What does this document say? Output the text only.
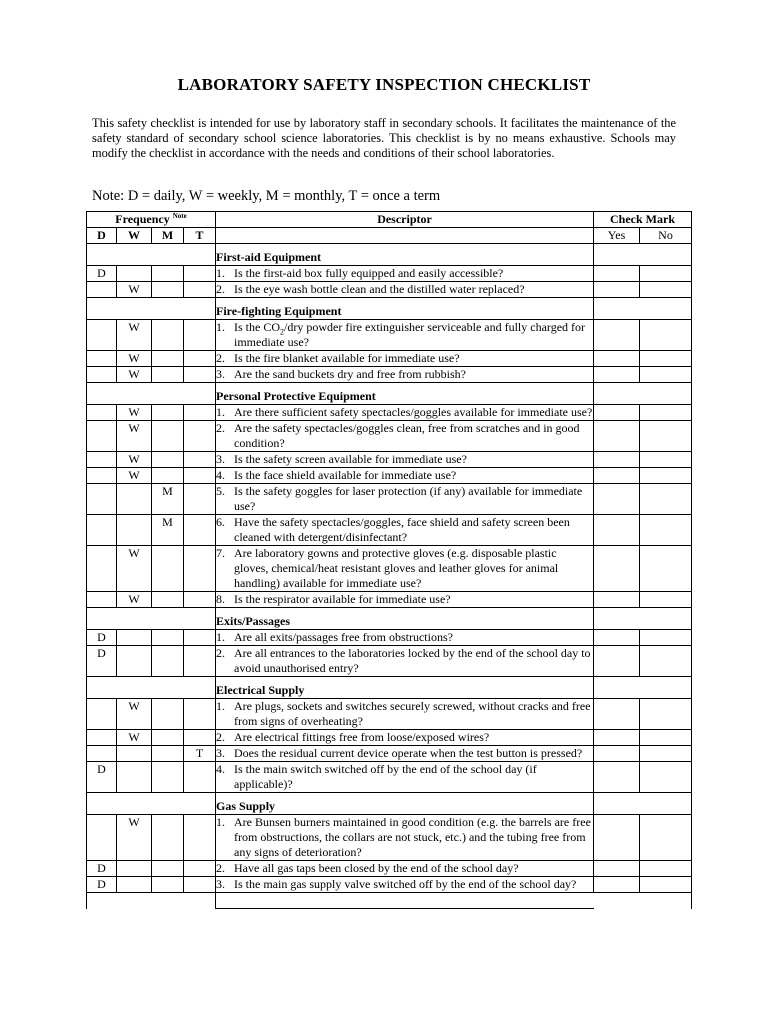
LABORATORY SAFETY INSPECTION CHECKLIST
This safety checklist is intended for use by laboratory staff in secondary schools. It facilitates the maintenance of the safety standard of secondary school science laboratories. This checklist is by no means exhaustive. Schools may modify the checklist in accordance with the needs and conditions of their school laboratories.
Note: D = daily, W = weekly, M = monthly, T = once a term
Frequency $^{Note}$				Descriptor	Check Mark	
D	W	M	T		Yes	No
				First-aid Equipment		
D				1. Is the first-aid box fully equipped and easily accessible?		

	W			2. Is the eye wash bottle clean and the distilled water replaced?		

				Fire-fighting Equipment		
	W			1. Is the $CO_2$/dry powder fire extinguisher serviceable and fully charged for immediate use?		

	W			2. Is the fire blanket available for immediate use?		

	W			3. Are the sand buckets dry and free from rubbish?		

				Personal Protective Equipment		
	W			1. Are there sufficient safety spectacles/goggles available for immediate use?		

	W			2. Are the safety spectacles/goggles clean, free from scratches and in good condition?		

	W			3. Is the safety screen available for immediate use?		

	W			4. Is the face shield available for immediate use?		

		M		5. Is the safety goggles for laser protection (if any) available for immediate use?		

		M		6. Have the safety spectacles/goggles, face shield and safety screen been cleaned with detergent/disinfectant?		

	W			7. Are laboratory gowns and protective gloves (e.g. disposable plastic gloves, chemical/heat resistant gloves and leather gloves for animal handling) available for immediate use?		

	W			8. Is the respirator available for immediate use?		

				Exits/Passages		
D				1. Are all exits/passages free from obstructions?		

D				2. Are all entrances to the laboratories locked by the end of the school day to avoid unauthorised entry?		

				Electrical Supply		
	W			1. Are plugs, sockets and switches securely screwed, without cracks and free from signs of overheating?		

	W			2. Are electrical fittings free from loose/exposed wires?		

			T	3. Does the residual current device operate when the test button is pressed?		

D				4. Is the main switch switched off by the end of the school day (if applicable)?		

				Gas Supply		
	W			1. Are Bunsen burners maintained in good condition (e.g. the barrels are free from obstructions, the collars are not stuck, etc.) and the tubing free from any signs of deterioration?		

D				2. Have all gas taps been closed by the end of the school day?		

D				3. Is the main gas supply valve switched off by the end of the school day?		
